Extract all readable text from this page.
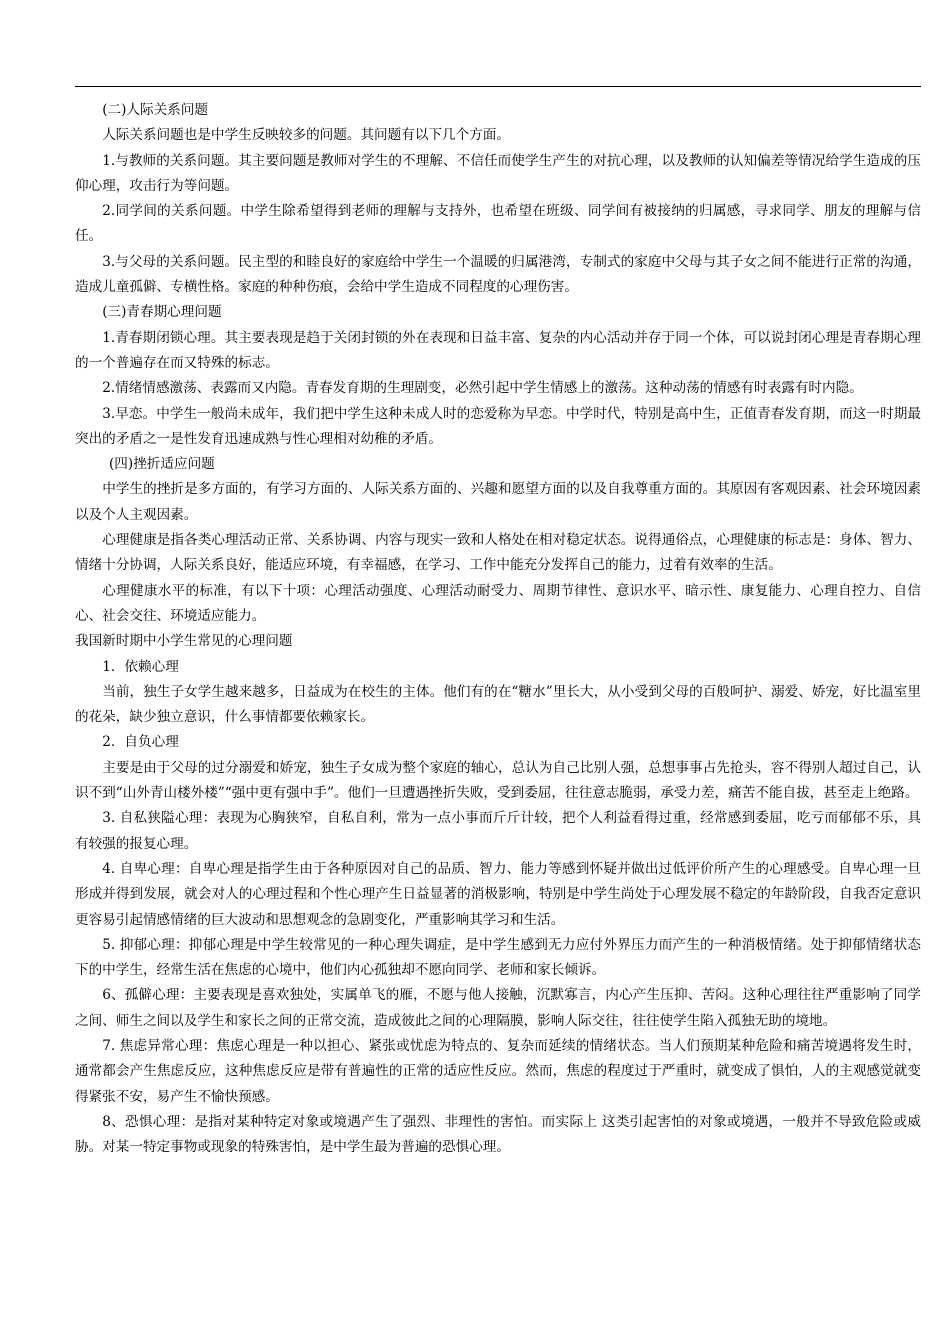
(二)人际关系问题

人际关系问题也是中学生反映较多的问题。其问题有以下几个方面。

1.与教师的关系问题。其主要问题是教师对学生的不理解、不信任而使学生产生的对抗心理，以及教师的认知偏差等情况给学生造成的压仰心理，攻击行为等问题。

2.同学间的关系问题。中学生除希望得到老师的理解与支持外，也希望在班级、同学间有被接纳的归属感，寻求同学、朋友的理解与信任。

3.与父母的关系问题。民主型的和睦良好的家庭给中学生一个温暖的归属港湾，专制式的家庭中父母与其子女之间不能进行正常的沟通，造成儿童孤僻、专横性格。家庭的种种伤痕，会给中学生造成不同程度的心理伤害。

(三)青春期心理问题

1.青春期闭锁心理。其主要表现是趋于关闭封锁的外在表现和日益丰富、复杂的内心活动并存于同一个体，可以说封闭心理是青春期心理的一个普遍存在而又特殊的标志。

2.情绪情感激荡、表露而又内隐。青春发育期的生理剧变，必然引起中学生情感上的激荡。这种动荡的情感有时表露有时内隐。

3.早恋。中学生一般尚未成年，我们把中学生这种未成人时的恋爱称为早恋。中学时代，特别是高中生，正值青春发育期，而这一时期最突出的矛盾之一是性发育迅速成熟与性心理相对幼稚的矛盾。

(四)挫折适应问题

中学生的挫折是多方面的，有学习方面的、人际关系方面的、兴趣和愿望方面的以及自我尊重方面的。其原因有客观因素、社会环境因素以及个人主观因素。

心理健康是指各类心理活动正常、关系协调、内容与现实一致和人格处在相对稳定状态。说得通俗点，心理健康的标志是：身体、智力、情绪十分协调，人际关系良好，能适应环境，有幸福感，在学习、工作中能充分发挥自己的能力，过着有效率的生活。

心理健康水平的标准，有以下十项：心理活动强度、心理活动耐受力、周期节律性、意识水平、暗示性、康复能力、心理自控力、自信心、社会交往、环境适应能力。

我国新时期中小学生常见的心理问题

1．依赖心理

当前，独生子女学生越来越多，日益成为在校生的主体。他们有的在“糖水”里长大，从小受到父母的百般呵护、溺爱、娇宠，好比温室里的花朵，缺少独立意识，什么事情都要依赖家长。

2．自负心理

主要是由于父母的过分溺爱和娇宠，独生子女成为整个家庭的轴心，总认为自己比别人强，总想事事占先抢头，容不得别人超过自己，认识不到“山外青山楼外楼”“强中更有强中手”。他们一旦遭遇挫折失败，受到委屈，往往意志脆弱，承受力差，痛苦不能自拔，甚至走上绝路。

3. 自私狭隘心理：表现为心胸狭窄，自私自利，常为一点小事而斤斤计较，把个人利益看得过重，经常感到委屈，吃亏而郁郁不乐，具有较强的报复心理。

4. 自卑心理：自卑心理是指学生由于各种原因对自己的品质、智力、能力等感到怀疑并做出过低评价所产生的心理感受。自卑心理一旦形成并得到发展，就会对人的心理过程和个性心理产生日益显著的消极影响，特别是中学生尚处于心理发展不稳定的年龄阶段，自我否定意识更容易引起情感情绪的巨大波动和思想观念的急剧变化，严重影响其学习和生活。

5. 抑郁心理：抑郁心理是中学生较常见的一种心理失调症，是中学生感到无力应付外界压力而产生的一种消极情绪。处于抑郁情绪状态下的中学生，经常生活在焦虑的心境中，他们内心孤独却不愿向同学、老师和家长倾诉。

6、孤僻心理：主要表现是喜欢独处，实属单飞的雁，不愿与他人接触，沉默寡言，内心产生压抑、苦闷。这种心理往往严重影响了同学之间、师生之间以及学生和家长之间的正常交流，造成彼此之间的心理隔膜，影响人际交往，往往使学生陷入孤独无助的境地。

7. 焦虑异常心理：焦虑心理是一种以担心、紧张或忧虑为特点的、复杂而延续的情绪状态。当人们预期某种危险和痛苦境遇将发生时，通常都会产生焦虑反应，这种焦虑反应是带有普遍性的正常的适应性反应。然而，焦虑的程度过于严重时，就变成了惧怕，人的主观感觉就变得紧张不安，易产生不愉快预感。

8、恐惧心理：是指对某种特定对象或境遇产生了强烈、非理性的害怕。而实际上 这类引起害怕的对象或境遇，一般并不导致危险或威胁。对某一特定事物或现象的特殊害怕，是中学生最为普遍的恐惧心理。
